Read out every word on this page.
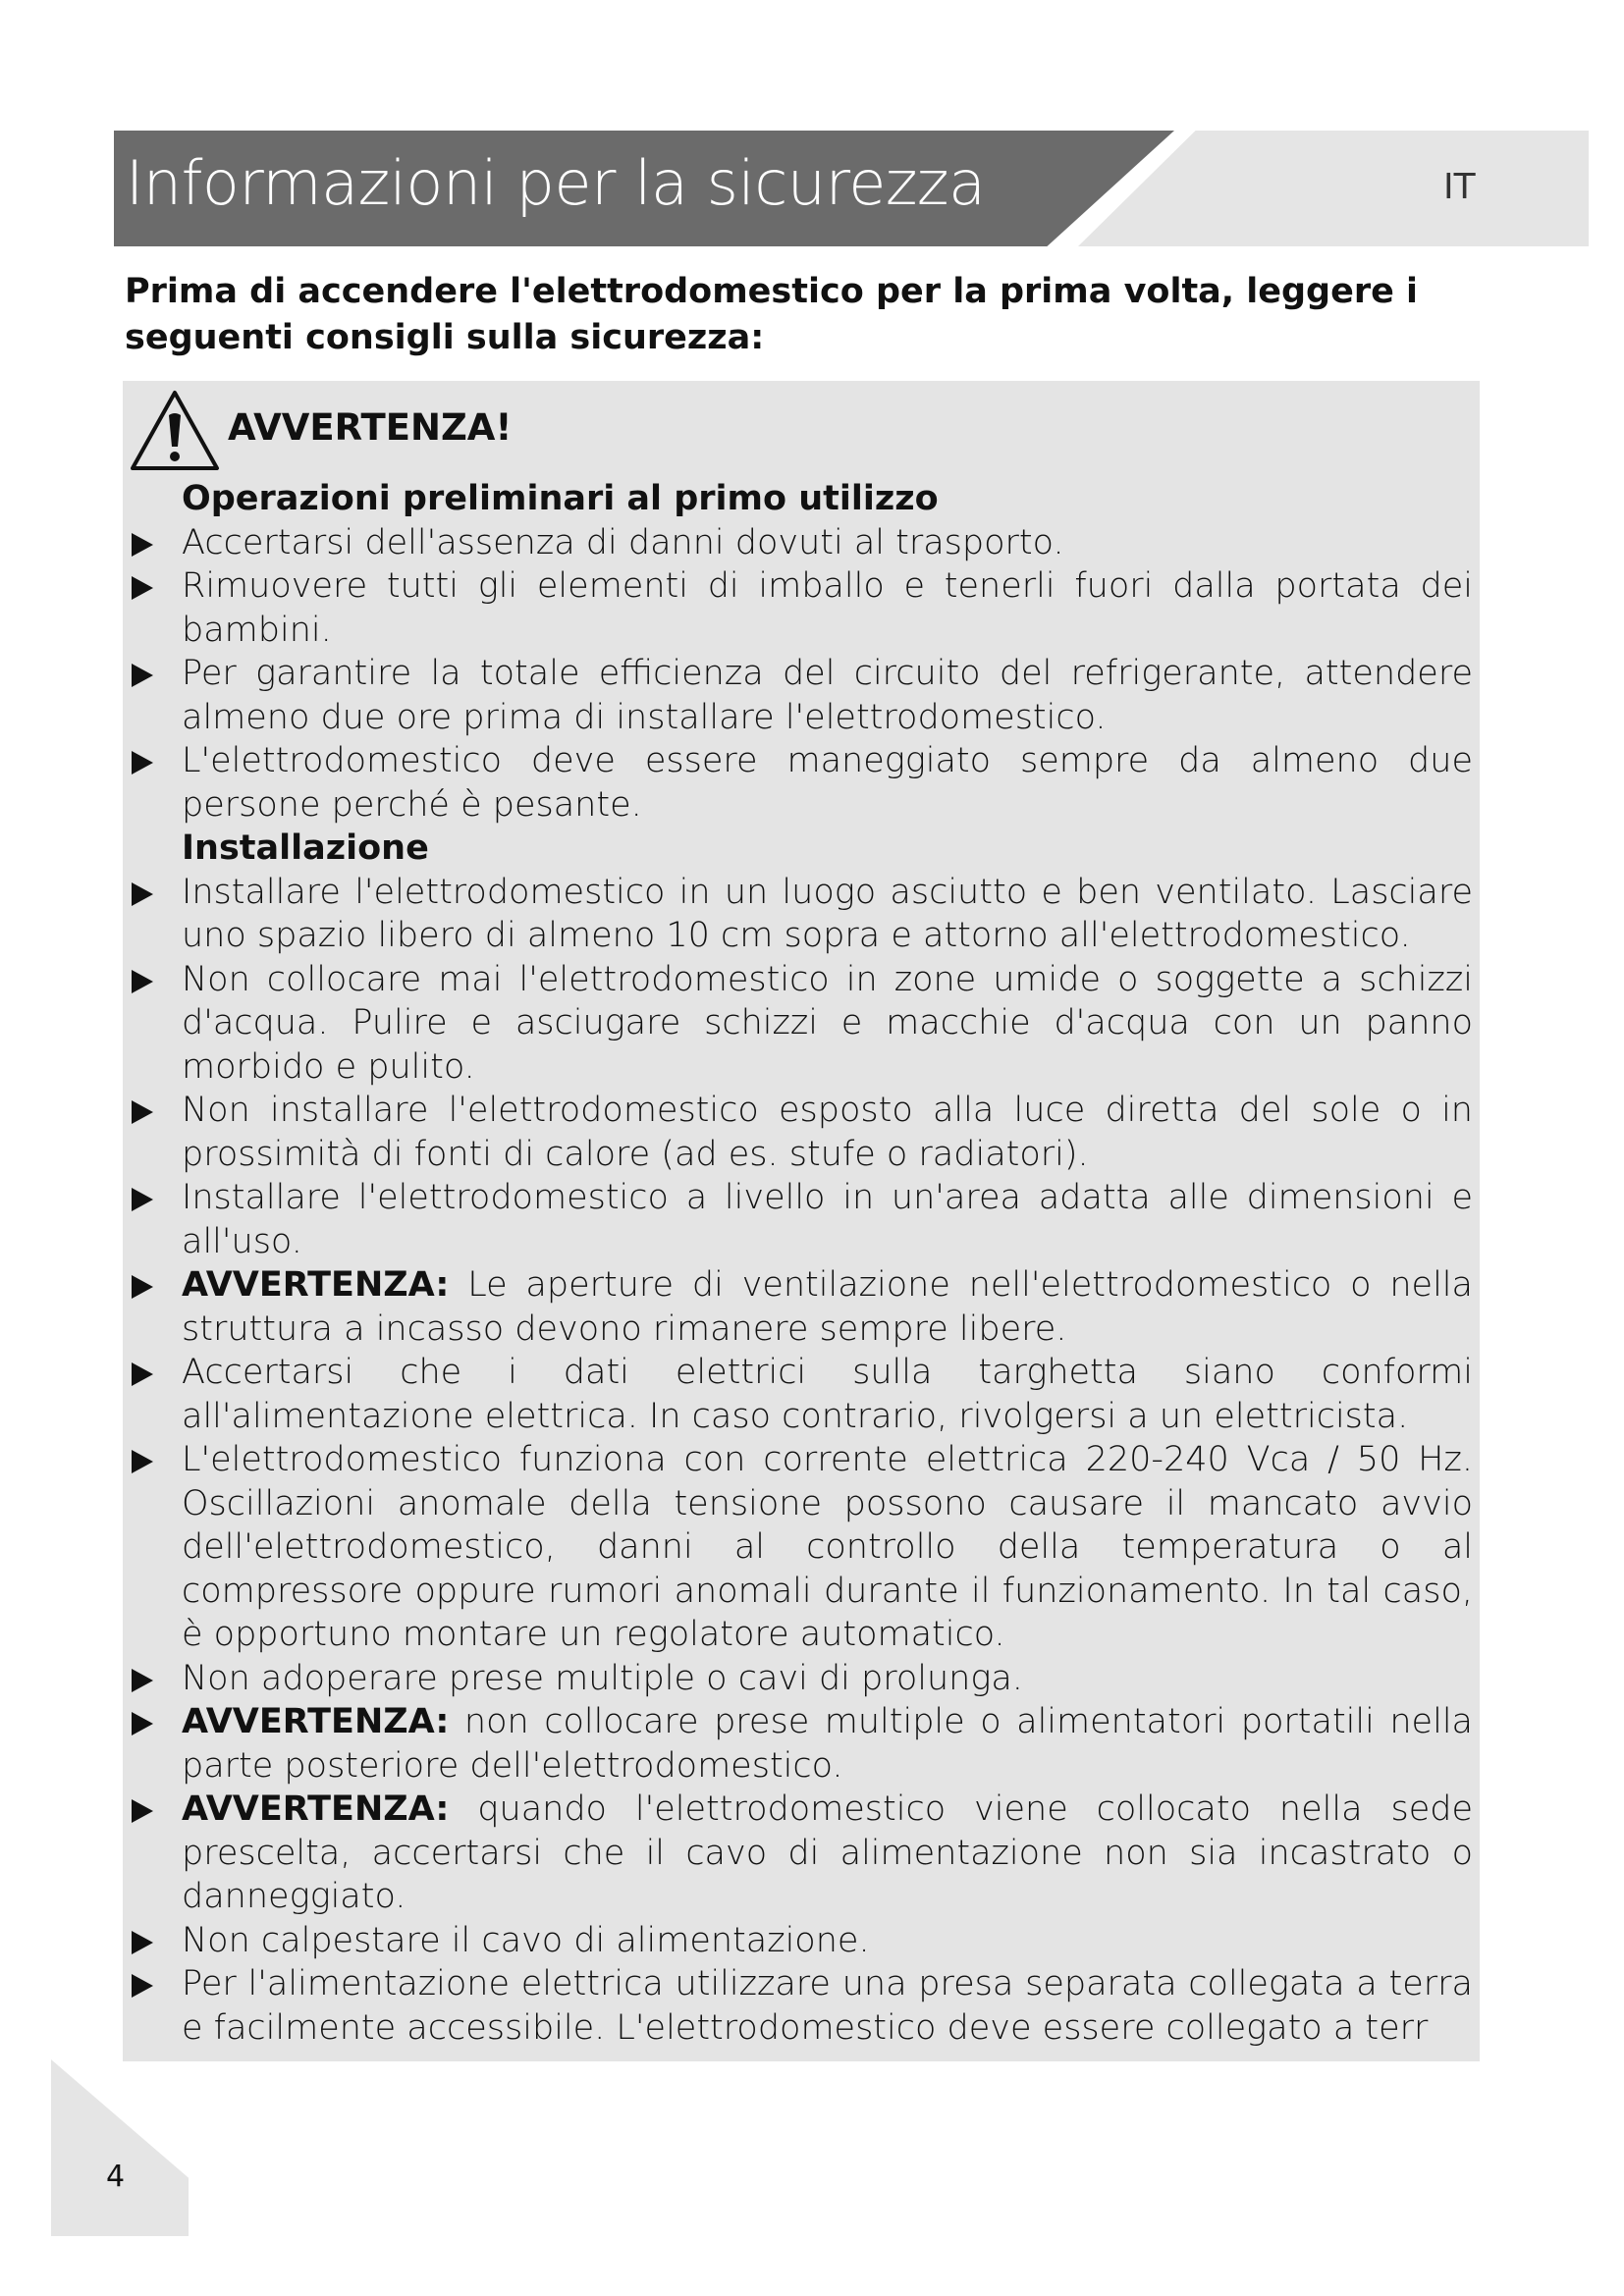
Informazioni per la sicurezza	IT
Prima di accendere l'elettrodomestico per la prima volta, leggere i seguenti consigli sulla sicurezza:
AVVERTENZA!
Operazioni preliminari al primo utilizzo
Accertarsi dell'assenza di danni dovuti al trasporto.
Rimuovere tutti gli elementi di imballo e tenerli fuori dalla portata dei bambini.
Per garantire la totale efficienza del circuito del refrigerante, attendere almeno due ore prima di installare l'elettrodomestico.
L'elettrodomestico deve essere maneggiato sempre da almeno due persone perché è pesante.
Installazione
Installare l'elettrodomestico in un luogo asciutto e ben ventilato. Lasciare uno spazio libero di almeno 10 cm sopra e attorno all'elettrodomestico.
Non collocare mai l'elettrodomestico in zone umide o soggette a schizzi d'acqua. Pulire e asciugare schizzi e macchie d'acqua con un panno morbido e pulito.
Non installare l'elettrodomestico esposto alla luce diretta del sole o in prossimità di fonti di calore (ad es. stufe o radiatori).
Installare l'elettrodomestico a livello in un'area adatta alle dimensioni e all'uso.
AVVERTENZA: Le aperture di ventilazione nell'elettrodomestico o nella struttura a incasso devono rimanere sempre libere.
Accertarsi che i dati elettrici sulla targhetta siano conformi all'alimentazione elettrica. In caso contrario, rivolgersi a un elettricista.
L'elettrodomestico funziona con corrente elettrica 220-240 Vca / 50 Hz. Oscillazioni anomale della tensione possono causare il mancato avvio dell'elettrodomestico, danni al controllo della temperatura o al compressore oppure rumori anomali durante il funzionamento. In tal caso, è opportuno montare un regolatore automatico.
Non adoperare prese multiple o cavi di prolunga.
AVVERTENZA: non collocare prese multiple o alimentatori portatili nella parte posteriore dell'elettrodomestico.
AVVERTENZA: quando l'elettrodomestico viene collocato nella sede prescelta, accertarsi che il cavo di alimentazione non sia incastrato o danneggiato.
Non calpestare il cavo di alimentazione.
Per l'alimentazione elettrica utilizzare una presa separata collegata a terra e facilmente accessibile. L'elettrodomestico deve essere collegato a terr
4
